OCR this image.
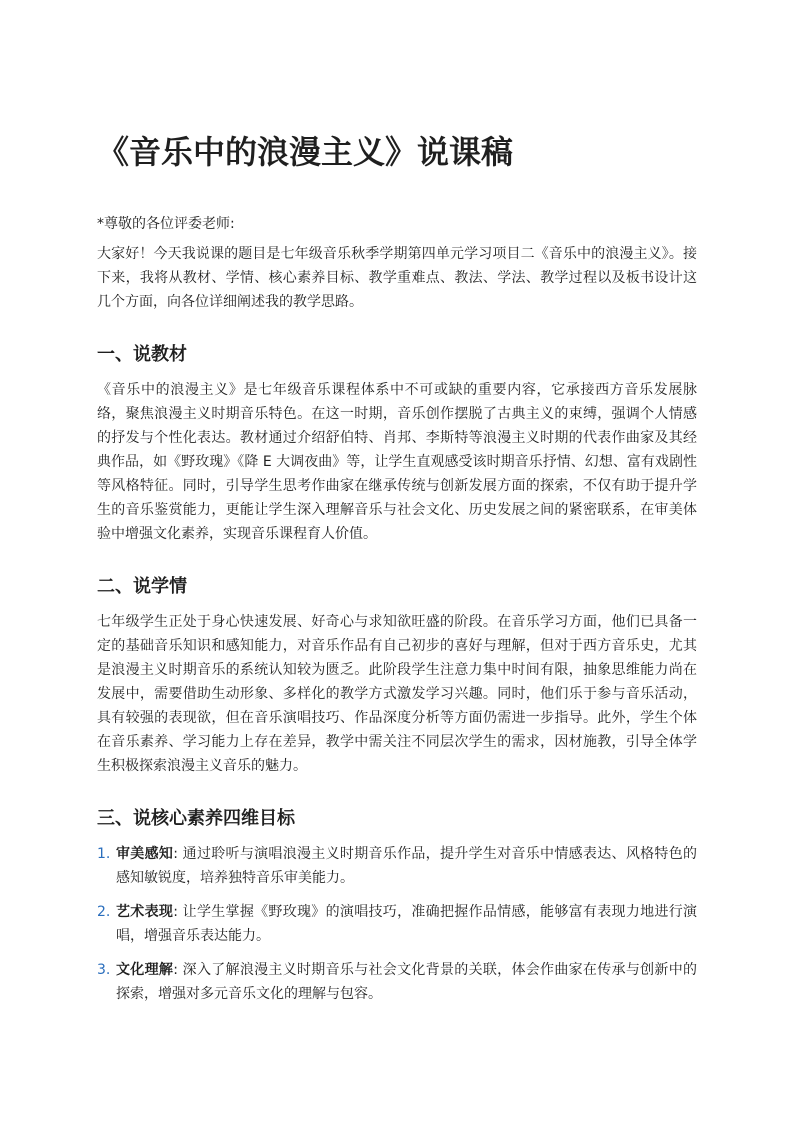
《音乐中的浪漫主义》说课稿

*尊敬的各位评委老师:

大家好！今天我说课的题目是七年级音乐秋季学期第四单元学习项目二《音乐中的浪漫主义》。接下来，我将从教材、学情、核心素养目标、教学重难点、教法、学法、教学过程以及板书设计这几个方面，向各位详细阐述我的教学思路。

一、说教材

《音乐中的浪漫主义》是七年级音乐课程体系中不可或缺的重要内容，它承接西方音乐发展脉络，聚焦浪漫主义时期音乐特色。在这一时期，音乐创作摆脱了古典主义的束缚，强调个人情感的抒发与个性化表达。教材通过介绍舒伯特、肖邦、李斯特等浪漫主义时期的代表作曲家及其经典作品，如《野玫瑰》《降 E 大调夜曲》等，让学生直观感受该时期音乐抒情、幻想、富有戏剧性等风格特征。同时，引导学生思考作曲家在继承传统与创新发展方面的探索，不仅有助于提升学生的音乐鉴赏能力，更能让学生深入理解音乐与社会文化、历史发展之间的紧密联系，在审美体验中增强文化素养，实现音乐课程育人价值。

二、说学情

七年级学生正处于身心快速发展、好奇心与求知欲旺盛的阶段。在音乐学习方面，他们已具备一定的基础音乐知识和感知能力，对音乐作品有自己初步的喜好与理解，但对于西方音乐史，尤其是浪漫主义时期音乐的系统认知较为匮乏。此阶段学生注意力集中时间有限，抽象思维能力尚在发展中，需要借助生动形象、多样化的教学方式激发学习兴趣。同时，他们乐于参与音乐活动，具有较强的表现欲，但在音乐演唱技巧、作品深度分析等方面仍需进一步指导。此外，学生个体在音乐素养、学习能力上存在差异，教学中需关注不同层次学生的需求，因材施教，引导全体学生积极探索浪漫主义音乐的魅力。

三、说核心素养四维目标
1. 审美感知: 通过聆听与演唱浪漫主义时期音乐作品，提升学生对音乐中情感表达、风格特色的感知敏锐度，培养独特音乐审美能力。
2. 艺术表现: 让学生掌握《野玫瑰》的演唱技巧，准确把握作品情感，能够富有表现力地进行演唱，增强音乐表达能力。
3. 文化理解: 深入了解浪漫主义时期音乐与社会文化背景的关联，体会作曲家在传承与创新中的探索，增强对多元音乐文化的理解与包容。
